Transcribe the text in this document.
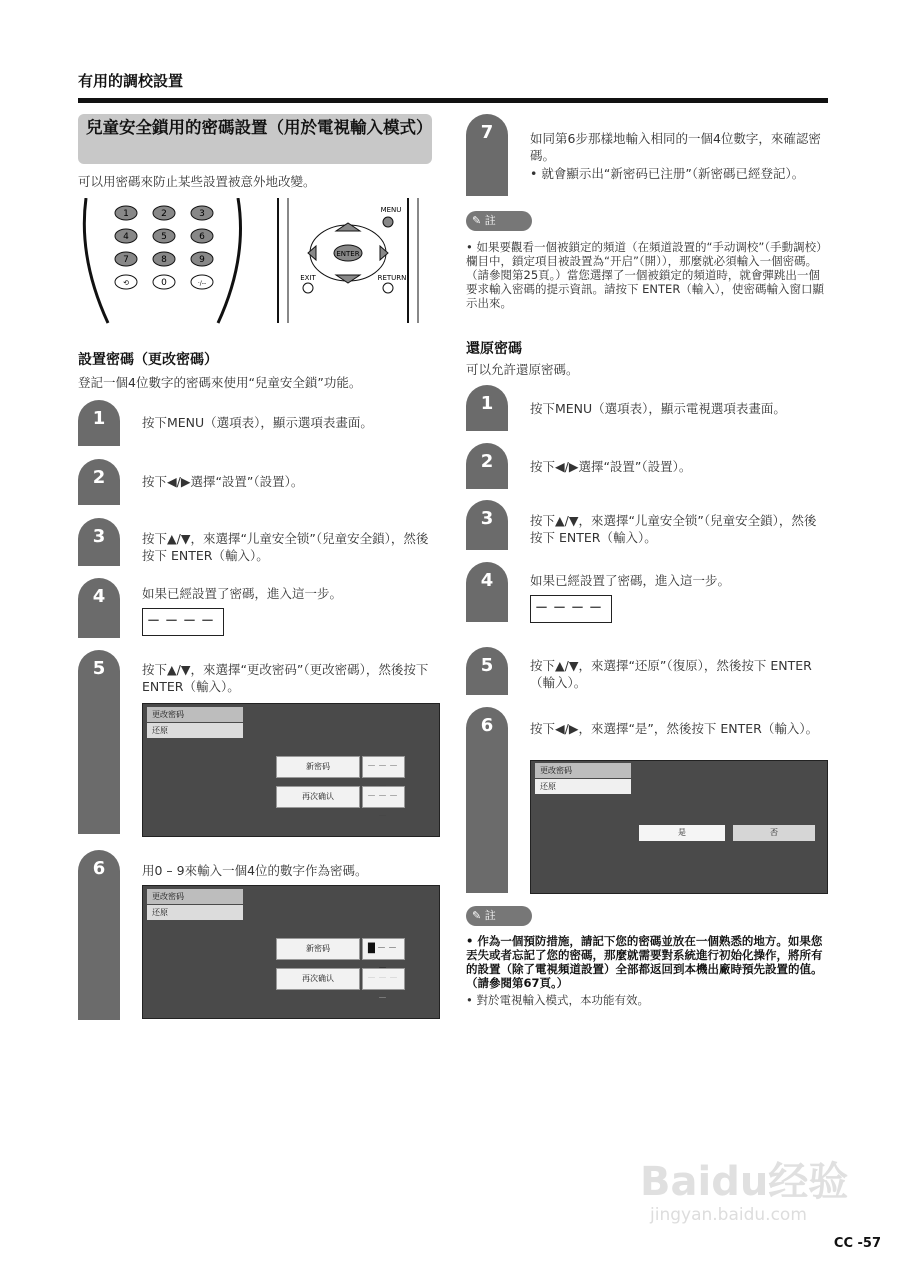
有用的調校設置
兒童安全鎖用的密碼設置（用於電視輸入模式）
可以用密碼來防止某些設置被意外地改變。
1	2	3
4	5	6
7	8	9
⟲	0	·/--
MENU
ENTER
EXIT	RETURN
設置密碼（更改密碼）
登記一個4位數字的密碼來使用“兒童安全鎖”功能。
1	按下MENU（選項表），顯示選項表畫面。
2	按下◀/▶選擇“設置”（設置）。
3	按下▲/▼，來選擇“儿童安全锁”（兒童安全鎖），然後按下 ENTER（輸入）。
4	如果已經設置了密碼，進入這一步。
－－－－
5	按下▲/▼，來選擇“更改密码”（更改密碼），然後按下 ENTER（輸入）。
更改密码
还原
新密码	－－－
再次确认	－－－－
6	用0 – 9來輸入一個4位的數字作為密碼。
更改密码
还原
新密码	█－－
再次确认	－－－－
7	如同第6步那樣地輸入相同的一個4位數字，來確認密碼。
• 就會顯示出“新密码已注册”（新密碼已經登記）。
✎ 註
• 如果要觀看一個被鎖定的頻道（在頻道設置的“手动调校”（手動調校）欄目中，鎖定項目被設置為“开启”（開）），那麼就必須輸入一個密碼。（請參閱第25頁。）當您選擇了一個被鎖定的頻道時，就會彈跳出一個要求輸入密碼的提示資訊。請按下 ENTER（輸入），使密碼輸入窗口顯示出來。
還原密碼
可以允許還原密碼。
1	按下MENU（選項表），顯示電視選項表畫面。
2	按下◀/▶選擇“設置”（設置）。
3	按下▲/▼，來選擇“儿童安全锁”（兒童安全鎖），然後按下 ENTER（輸入）。
4	如果已經設置了密碼，進入這一步。
－－－－
5	按下▲/▼，來選擇“还原”（復原），然後按下 ENTER（輸入）。
6	按下◀/▶，來選擇“是”，然後按下 ENTER（輸入）。
更改密码
还原
是	否
✎ 註
• 作為一個預防措施，請記下您的密碼並放在一個熟悉的地方。如果您丟失或者忘記了您的密碼，那麼就需要對系統進行初始化操作，將所有的設置（除了電視頻道設置）全部都返回到本機出廠時預先設置的值。（請參閱第67頁。）
• 對於電視輸入模式，本功能有效。
Baidu经验
jingyan.baidu.com
CC -57
